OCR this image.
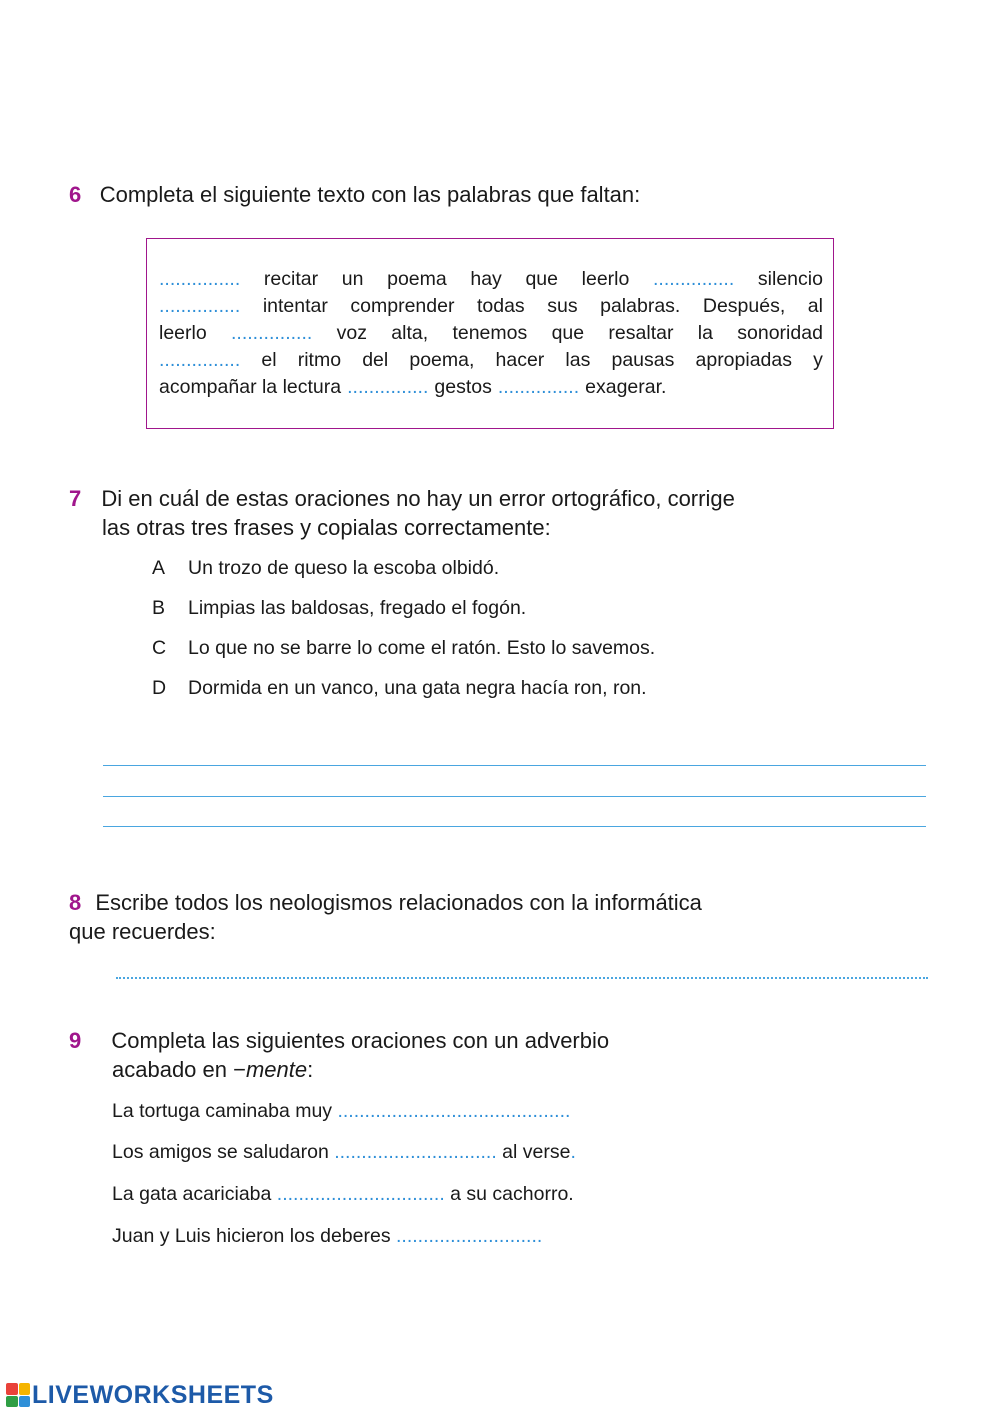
6 Completa el siguiente texto con las palabras que faltan:
............... recitar un poema hay que leerlo ............... silencio
............... intentar comprender todas sus palabras. Después, al
leerlo ............... voz alta, tenemos que resaltar la sonoridad
............... el ritmo del poema, hacer las pausas apropiadas y
acompañar la lectura ............... gestos ............... exagerar.
7 Di en cuál de estas oraciones no hay un error ortográfico, corrige
las otras tres frases y copialas correctamente:
A Un trozo de queso la escoba olbidó.
B Limpias las baldosas, fregado el fogón.
C Lo que no se barre lo come el ratón. Esto lo savemos.
D Dormida en un vanco, una gata negra hacía ron, ron.
8 Escribe todos los neologismos relacionados con la informática
que recuerdes:
9 Completa las siguientes oraciones con un adverbio
acabado en −mente:
La tortuga caminaba muy ...........................................
Los amigos se saludaron .............................. al verse.
La gata acariciaba ............................... a su cachorro.
Juan y Luis hicieron los deberes ...........................
LIVEWORKSHEETS
